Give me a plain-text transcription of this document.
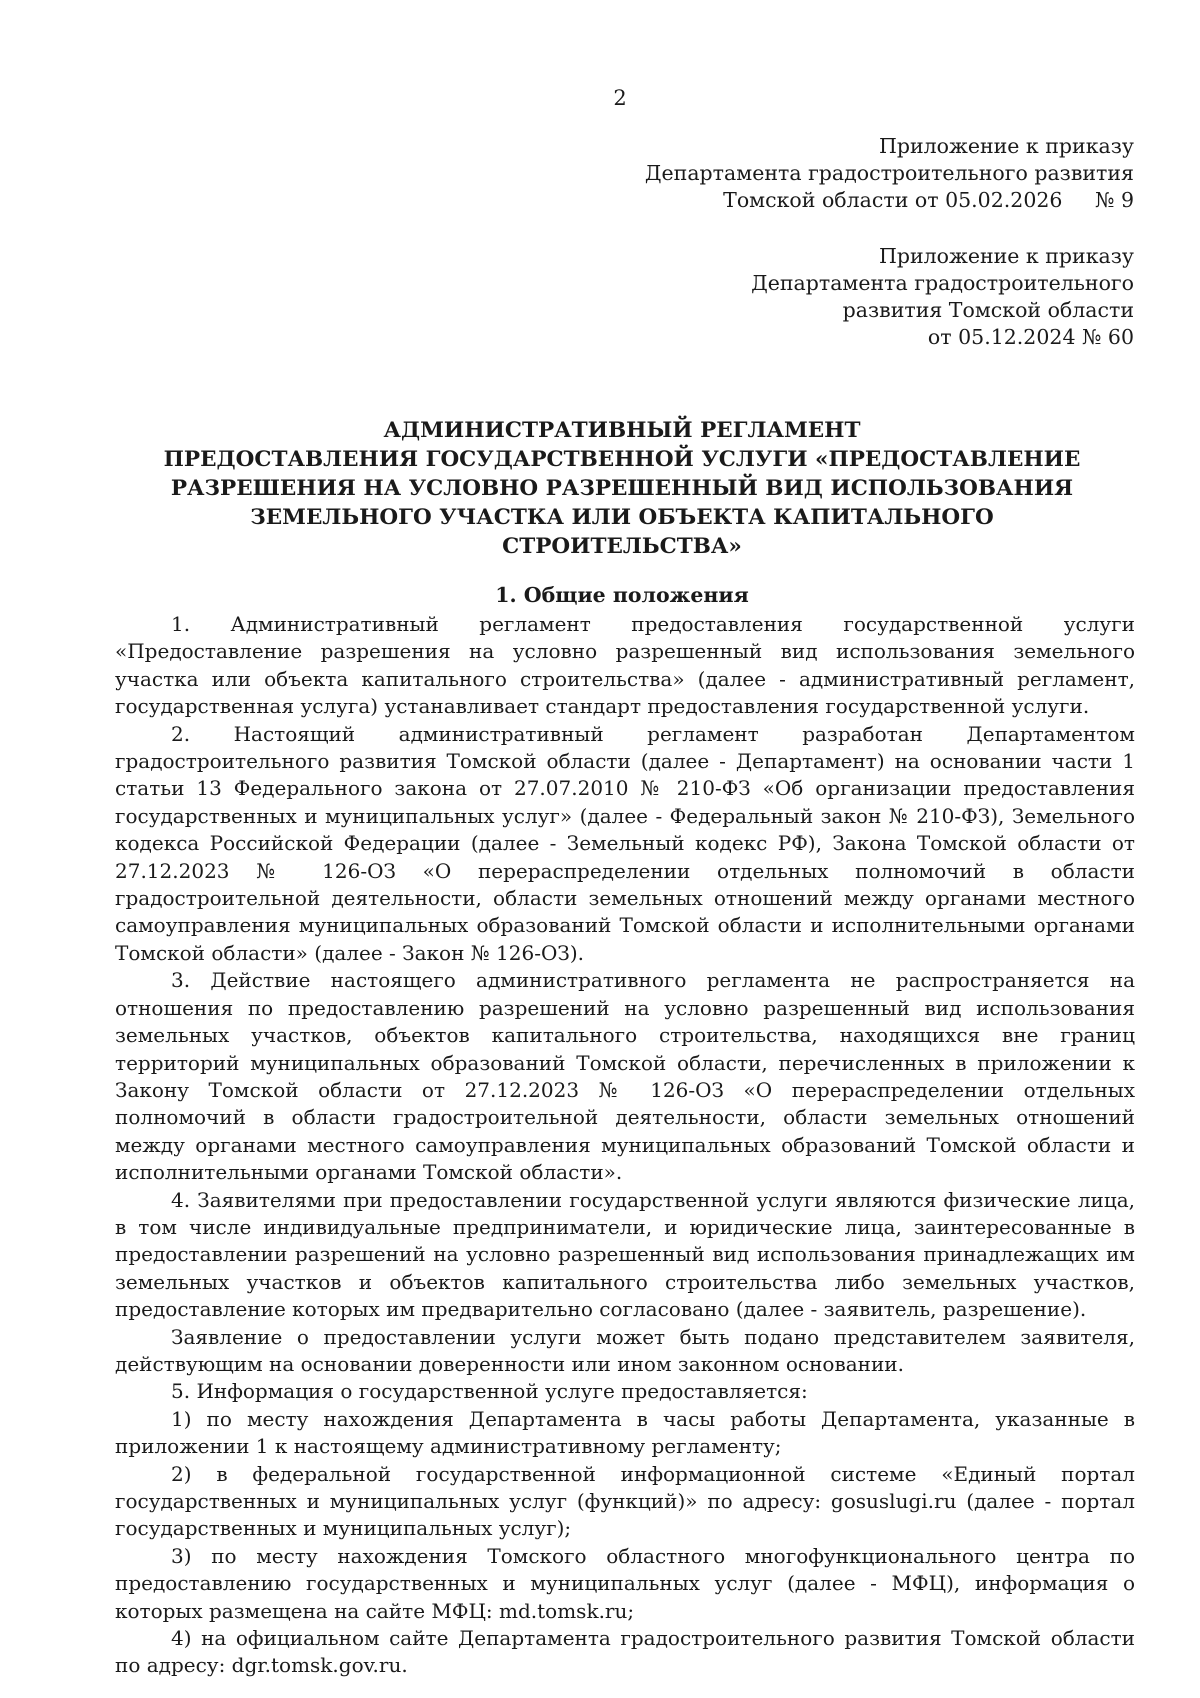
2
Приложение к приказу
Департамента градостроительного развития
Томской области от 05.02.2026     № 9
Приложение к приказу
Департамента градостроительного
развития Томской области
от 05.12.2024 № 60
АДМИНИСТРАТИВНЫЙ РЕГЛАМЕНТ
ПРЕДОСТАВЛЕНИЯ ГОСУДАРСТВЕННОЙ УСЛУГИ «ПРЕДОСТАВЛЕНИЕ
РАЗРЕШЕНИЯ НА УСЛОВНО РАЗРЕШЕННЫЙ ВИД ИСПОЛЬЗОВАНИЯ
ЗЕМЕЛЬНОГО УЧАСТКА ИЛИ ОБЪЕКТА КАПИТАЛЬНОГО
СТРОИТЕЛЬСТВА»
1. Общие положения

1. Административный регламент предоставления государственной услуги «Предоставление разрешения на условно разрешенный вид использования земельного участка или объекта капитального строительства» (далее - административный регламент, государственная услуга) устанавливает стандарт предоставления государственной услуги.

2. Настоящий административный регламент разработан Департаментом градостроительного развития Томской области (далее - Департамент) на основании части 1 статьи 13 Федерального закона от 27.07.2010 № 210-ФЗ «Об организации предоставления государственных и муниципальных услуг» (далее - Федеральный закон № 210-ФЗ), Земельного кодекса Российской Федерации (далее - Земельный кодекс РФ), Закона Томской области от 27.12.2023 № 126-ОЗ «О перераспределении отдельных полномочий в области градостроительной деятельности, области земельных отношений между органами местного самоуправления муниципальных образований Томской области и исполнительными органами Томской области» (далее - Закон № 126-ОЗ).

3. Действие настоящего административного регламента не распространяется на отношения по предоставлению разрешений на условно разрешенный вид использования земельных участков, объектов капитального строительства, находящихся вне границ территорий муниципальных образований Томской области, перечисленных в приложении к Закону Томской области от 27.12.2023 № 126-ОЗ «О перераспределении отдельных полномочий в области градостроительной деятельности, области земельных отношений между органами местного самоуправления муниципальных образований Томской области и исполнительными органами Томской области».

4. Заявителями при предоставлении государственной услуги являются физические лица, в том числе индивидуальные предприниматели, и юридические лица, заинтересованные в предоставлении разрешений на условно разрешенный вид использования принадлежащих им земельных участков и объектов капитального строительства либо земельных участков, предоставление которых им предварительно согласовано (далее - заявитель, разрешение).

Заявление о предоставлении услуги может быть подано представителем заявителя, действующим на основании доверенности или ином законном основании.

5. Информация о государственной услуге предоставляется:

1) по месту нахождения Департамента в часы работы Департамента, указанные в приложении 1 к настоящему административному регламенту;

2) в федеральной государственной информационной системе «Единый портал государственных и муниципальных услуг (функций)» по адресу: gosuslugi.ru (далее - портал государственных и муниципальных услуг);

3) по месту нахождения Томского областного многофункционального центра по предоставлению государственных и муниципальных услуг (далее - МФЦ), информация о которых размещена на сайте МФЦ: md.tomsk.ru;

4) на официальном сайте Департамента градостроительного развития Томской области по адресу: dgr.tomsk.gov.ru.
